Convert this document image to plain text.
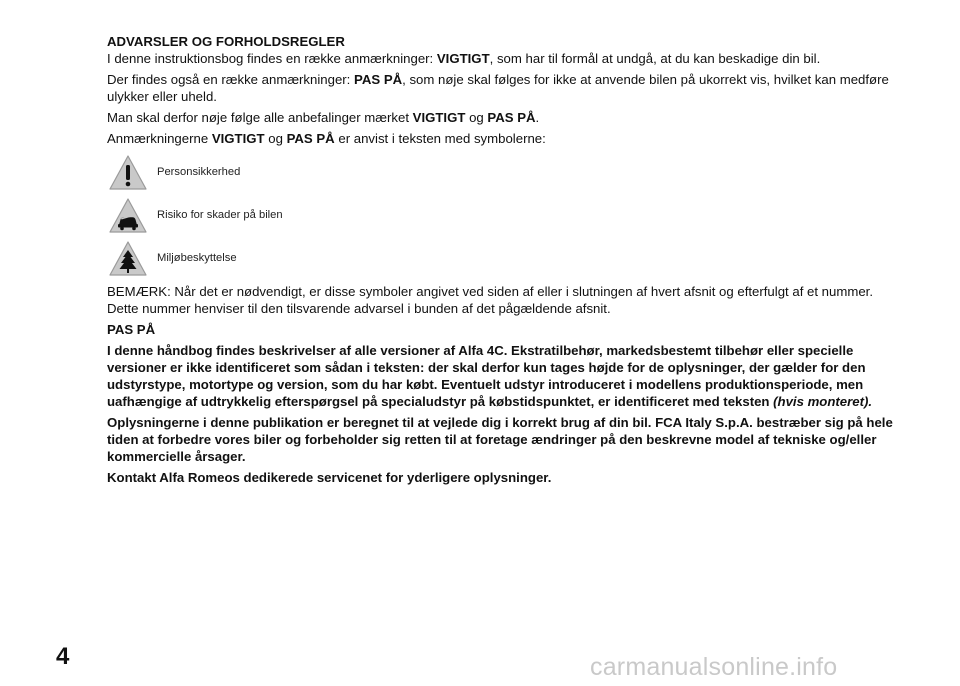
ADVARSLER OG FORHOLDSREGLER

I denne instruktionsbog findes en række anmærkninger: VIGTIGT, som har til formål at undgå, at du kan beskadige din bil.

Der findes også en række anmærkninger: PAS PÅ, som nøje skal følges for ikke at anvende bilen på ukorrekt vis, hvilket kan medføre ulykker eller uheld.

Man skal derfor nøje følge alle anbefalinger mærket VIGTIGT og PAS PÅ.

Anmærkningerne VIGTIGT og PAS PÅ er anvist i teksten med symbolerne:

Personsikkerhed
Risiko for skader på bilen
Miljøbeskyttelse

BEMÆRK: Når det er nødvendigt, er disse symboler angivet ved siden af eller i slutningen af hvert afsnit og efterfulgt af et nummer. Dette nummer henviser til den tilsvarende advarsel i bunden af det pågældende afsnit.

PAS PÅ

I denne håndbog findes beskrivelser af alle versioner af Alfa 4C. Ekstratilbehør, markedsbestemt tilbehør eller specielle versioner er ikke identificeret som sådan i teksten: der skal derfor kun tages højde for de oplysninger, der gælder for den udstyrstype, motortype og version, som du har købt. Eventuelt udstyr introduceret i modellens produktionsperiode, men uafhængige af udtrykkelig efterspørgsel på specialudstyr på købstidspunktet, er identificeret med teksten (hvis monteret).

Oplysningerne i denne publikation er beregnet til at vejlede dig i korrekt brug af din bil. FCA Italy S.p.A. bestræber sig på hele tiden at forbedre vores biler og forbeholder sig retten til at foretage ændringer på den beskrevne model af tekniske og/eller kommercielle årsager.

Kontakt Alfa Romeos dedikerede servicenet for yderligere oplysninger.

4	carmanualsonline.info
